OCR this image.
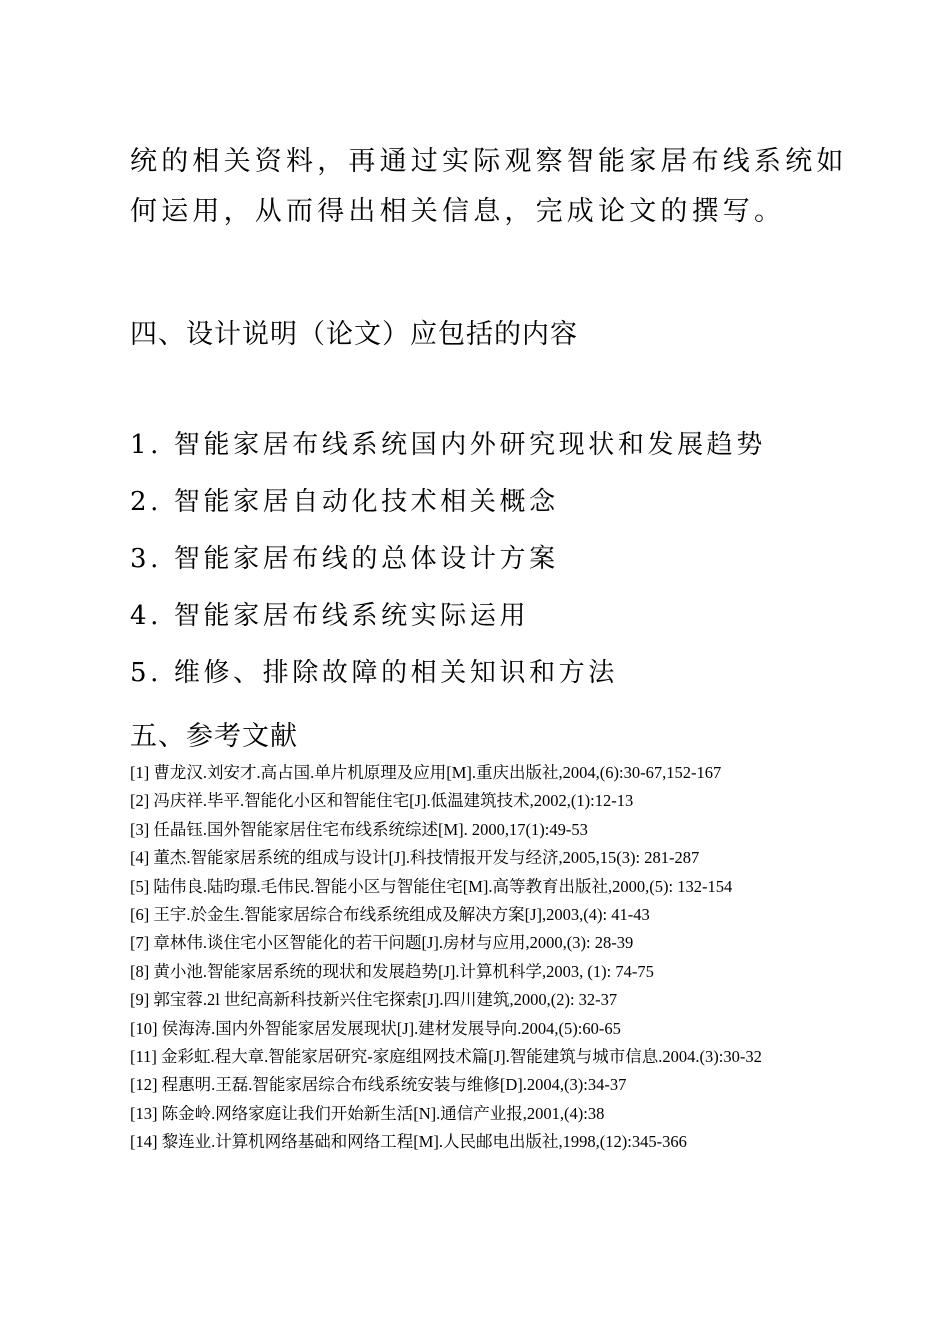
统的相关资料，再通过实际观察智能家居布线系统如
何运用，从而得出相关信息，完成论文的撰写。

四、设计说明（论文）应包括的内容
1. 智能家居布线系统国内外研究现状和发展趋势
2. 智能家居自动化技术相关概念
3. 智能家居布线的总体设计方案
4. 智能家居布线系统实际运用
5. 维修、排除故障的相关知识和方法
五、参考文献
[1] 曹龙汉.刘安才.高占国.单片机原理及应用[M].重庆出版社,2004,(6):30-67,152-167
[2] 冯庆祥.毕平.智能化小区和智能住宅[J].低温建筑技术,2002,(1):12-13
[3] 任晶钰.国外智能家居住宅布线系统综述[M]. 2000,17(1):49-53
[4] 董杰.智能家居系统的组成与设计[J].科技情报开发与经济,2005,15(3): 281-287
[5] 陆伟良.陆昀璟.毛伟民.智能小区与智能住宅[M].高等教育出版社,2000,(5): 132-154
[6] 王宇.於金生.智能家居综合布线系统组成及解决方案[J],2003,(4): 41-43
[7] 章林伟.谈住宅小区智能化的若干问题[J].房材与应用,2000,(3): 28-39
[8] 黄小池.智能家居系统的现状和发展趋势[J].计算机科学,2003, (1): 74-75
[9] 郭宝蓉.2l 世纪高新科技新兴住宅探索[J].四川建筑,2000,(2): 32-37
[10] 侯海涛.国内外智能家居发展现状[J].建材发展导向.2004,(5):60-65
[11] 金彩虹.程大章.智能家居研究-家庭组网技术篇[J].智能建筑与城市信息.2004.(3):30-32
[12] 程惠明.王磊.智能家居综合布线系统安装与维修[D].2004,(3):34-37
[13] 陈金岭.网络家庭让我们开始新生活[N].通信产业报,2001,(4):38
[14] 黎连业.计算机网络基础和网络工程[M].人民邮电出版社,1998,(12):345-366
